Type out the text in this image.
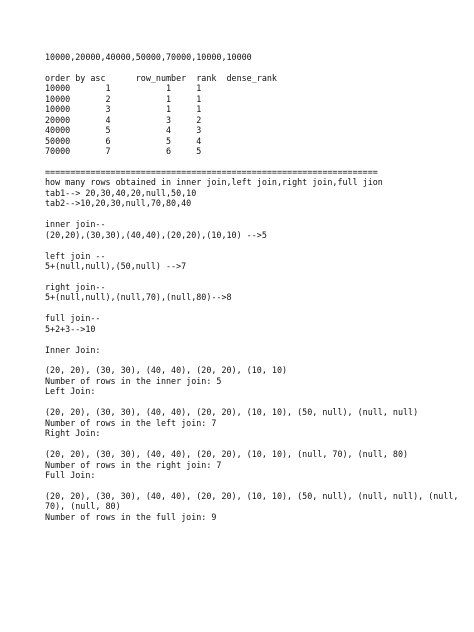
10000,20000,40000,50000,70000,10000,10000
order by asc      row_number  rank  dense_rank
10000       1           1     1
10000       2           1     1
10000       3           1     1
20000       4           3     2
40000       5           4     3
50000       6           5     4
70000       7           6     5
==================================================================
how many rows obtained in inner join,left join,right join,full jion
tab1--> 20,30,40,20,null,50,10
tab2-->10,20,30,null,70,80,40
inner join--
(20,20),(30,30),(40,40),(20,20),(10,10) -->5
left join --
5+(null,null),(50,null) -->7
right join--
5+(null,null),(null,70),(null,80)-->8
full join--
5+2+3-->10
Inner Join:
(20, 20), (30, 30), (40, 40), (20, 20), (10, 10)
Number of rows in the inner join: 5
Left Join:
(20, 20), (30, 30), (40, 40), (20, 20), (10, 10), (50, null), (null, null)
Number of rows in the left join: 7
Right Join:
(20, 20), (30, 30), (40, 40), (20, 20), (10, 10), (null, 70), (null, 80)
Number of rows in the right join: 7
Full Join:
(20, 20), (30, 30), (40, 40), (20, 20), (10, 10), (50, null), (null, null), (null, 70), (null, 80)
Number of rows in the full join: 9
